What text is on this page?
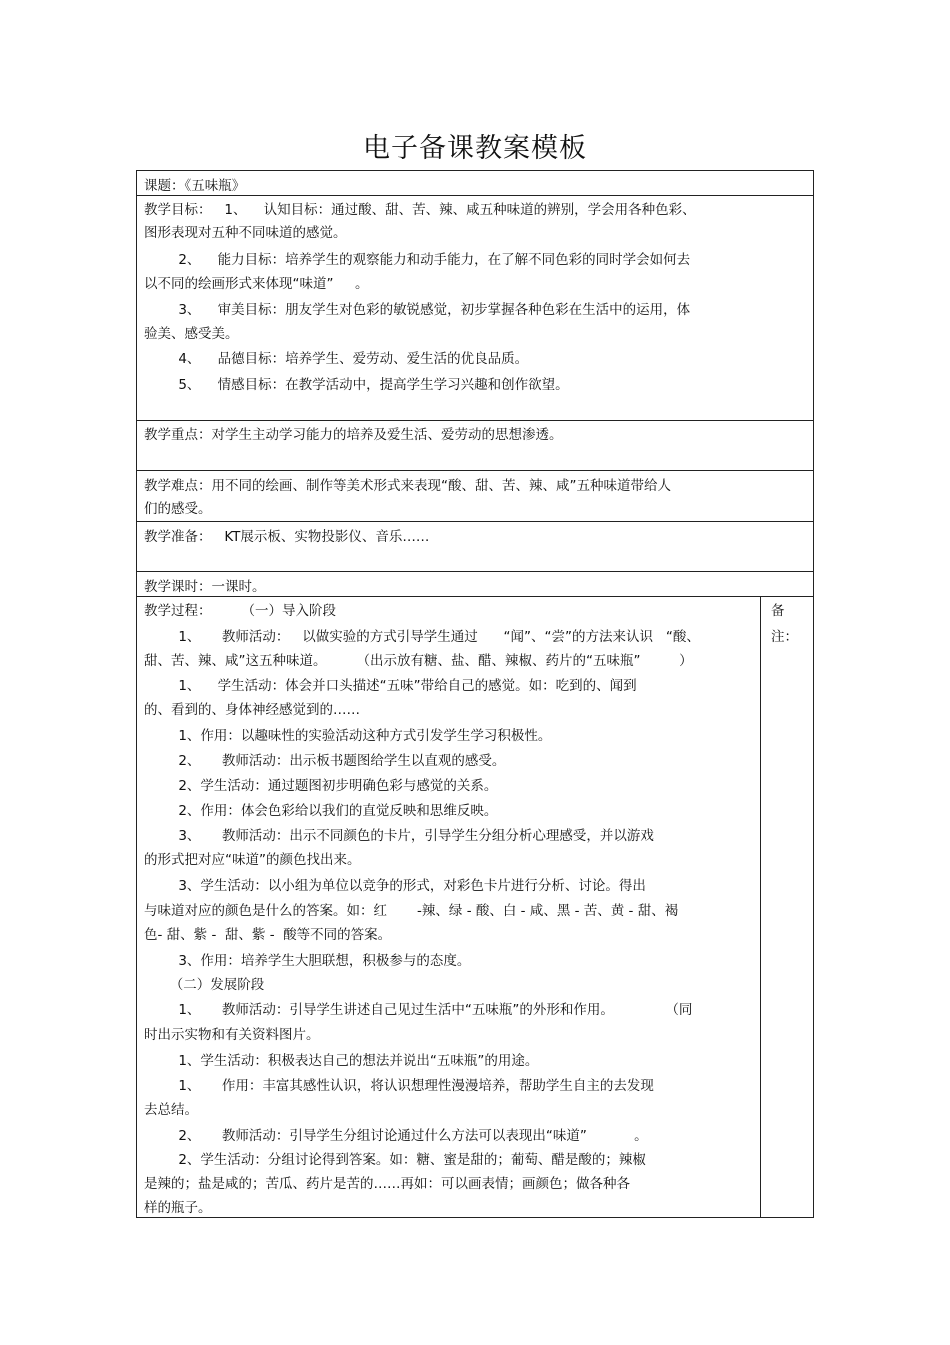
电子备课教案模板
课题：《五味瓶》
教学目标：   1、    认知目标：通过酸、甜、苦、辣、咸五种味道的辨别，学会用各种色彩、
图形表现对五种不同味道的感觉。
2、    能力目标：培养学生的观察能力和动手能力，在了解不同色彩的同时学会如何去
以不同的绘画形式来体现“味道”     。
3、    审美目标：朋友学生对色彩的敏锐感觉，初步掌握各种色彩在生活中的运用，体
验美、感受美。
4、    品德目标：培养学生、爱劳动、爱生活的优良品质。
5、    情感目标：在教学活动中，提高学生学习兴趣和创作欲望。
教学重点：对学生主动学习能力的培养及爱生活、爱劳动的思想渗透。
教学难点：用不同的绘画、制作等美术形式来表现“酸、甜、苦、辣、咸”五种味道带给人
们的感受。
教学准备：   KT展示板、实物投影仪、音乐……
教学课时：一课时。
备
注：
教学过程：       （一）导入阶段
1、     教师活动：   以做实验的方式引导学生通过      “闻”、“尝”的方法来认识   “酸、
甜、苦、辣、咸”这五种味道。       （出示放有糖、盐、醋、辣椒、药片的“五味瓶”         ）
1、    学生活动：体会并口头描述“五味”带给自己的感觉。如：吃到的、闻到
的、看到的、身体神经感觉到的……
1、作用：以趣味性的实验活动这种方式引发学生学习积极性。
2、     教师活动：出示板书题图给学生以直观的感受。
2、学生活动：通过题图初步明确色彩与感觉的关系。
2、作用：体会色彩给以我们的直觉反映和思维反映。
3、     教师活动：出示不同颜色的卡片，引导学生分组分析心理感受，并以游戏
的形式把对应“味道”的颜色找出来。
3、学生活动：以小组为单位以竞争的形式，对彩色卡片进行分析、讨论。得出
与味道对应的颜色是什么的答案。如：红       -辣、绿 - 酸、白 - 咸、黑 - 苦、黄 - 甜、褐
色- 甜、紫 -  甜、紫 -  酸等不同的答案。
3、作用：培养学生大胆联想，积极参与的态度。
（二）发展阶段
1、     教师活动：引导学生讲述自己见过生活中“五味瓶”的外形和作用。            （同
时出示实物和有关资料图片。
1、学生活动：积极表达自己的想法并说出“五味瓶”的用途。
1、     作用：丰富其感性认识，将认识想理性漫漫培养，帮助学生自主的去发现
去总结。
2、     教师活动：引导学生分组讨论通过什么方法可以表现出“味道”           。
2、学生活动：分组讨论得到答案。如：糖、蜜是甜的；葡萄、醋是酸的；辣椒
是辣的；盐是咸的；苦瓜、药片是苦的……再如：可以画表情；画颜色；做各种各
样的瓶子。
